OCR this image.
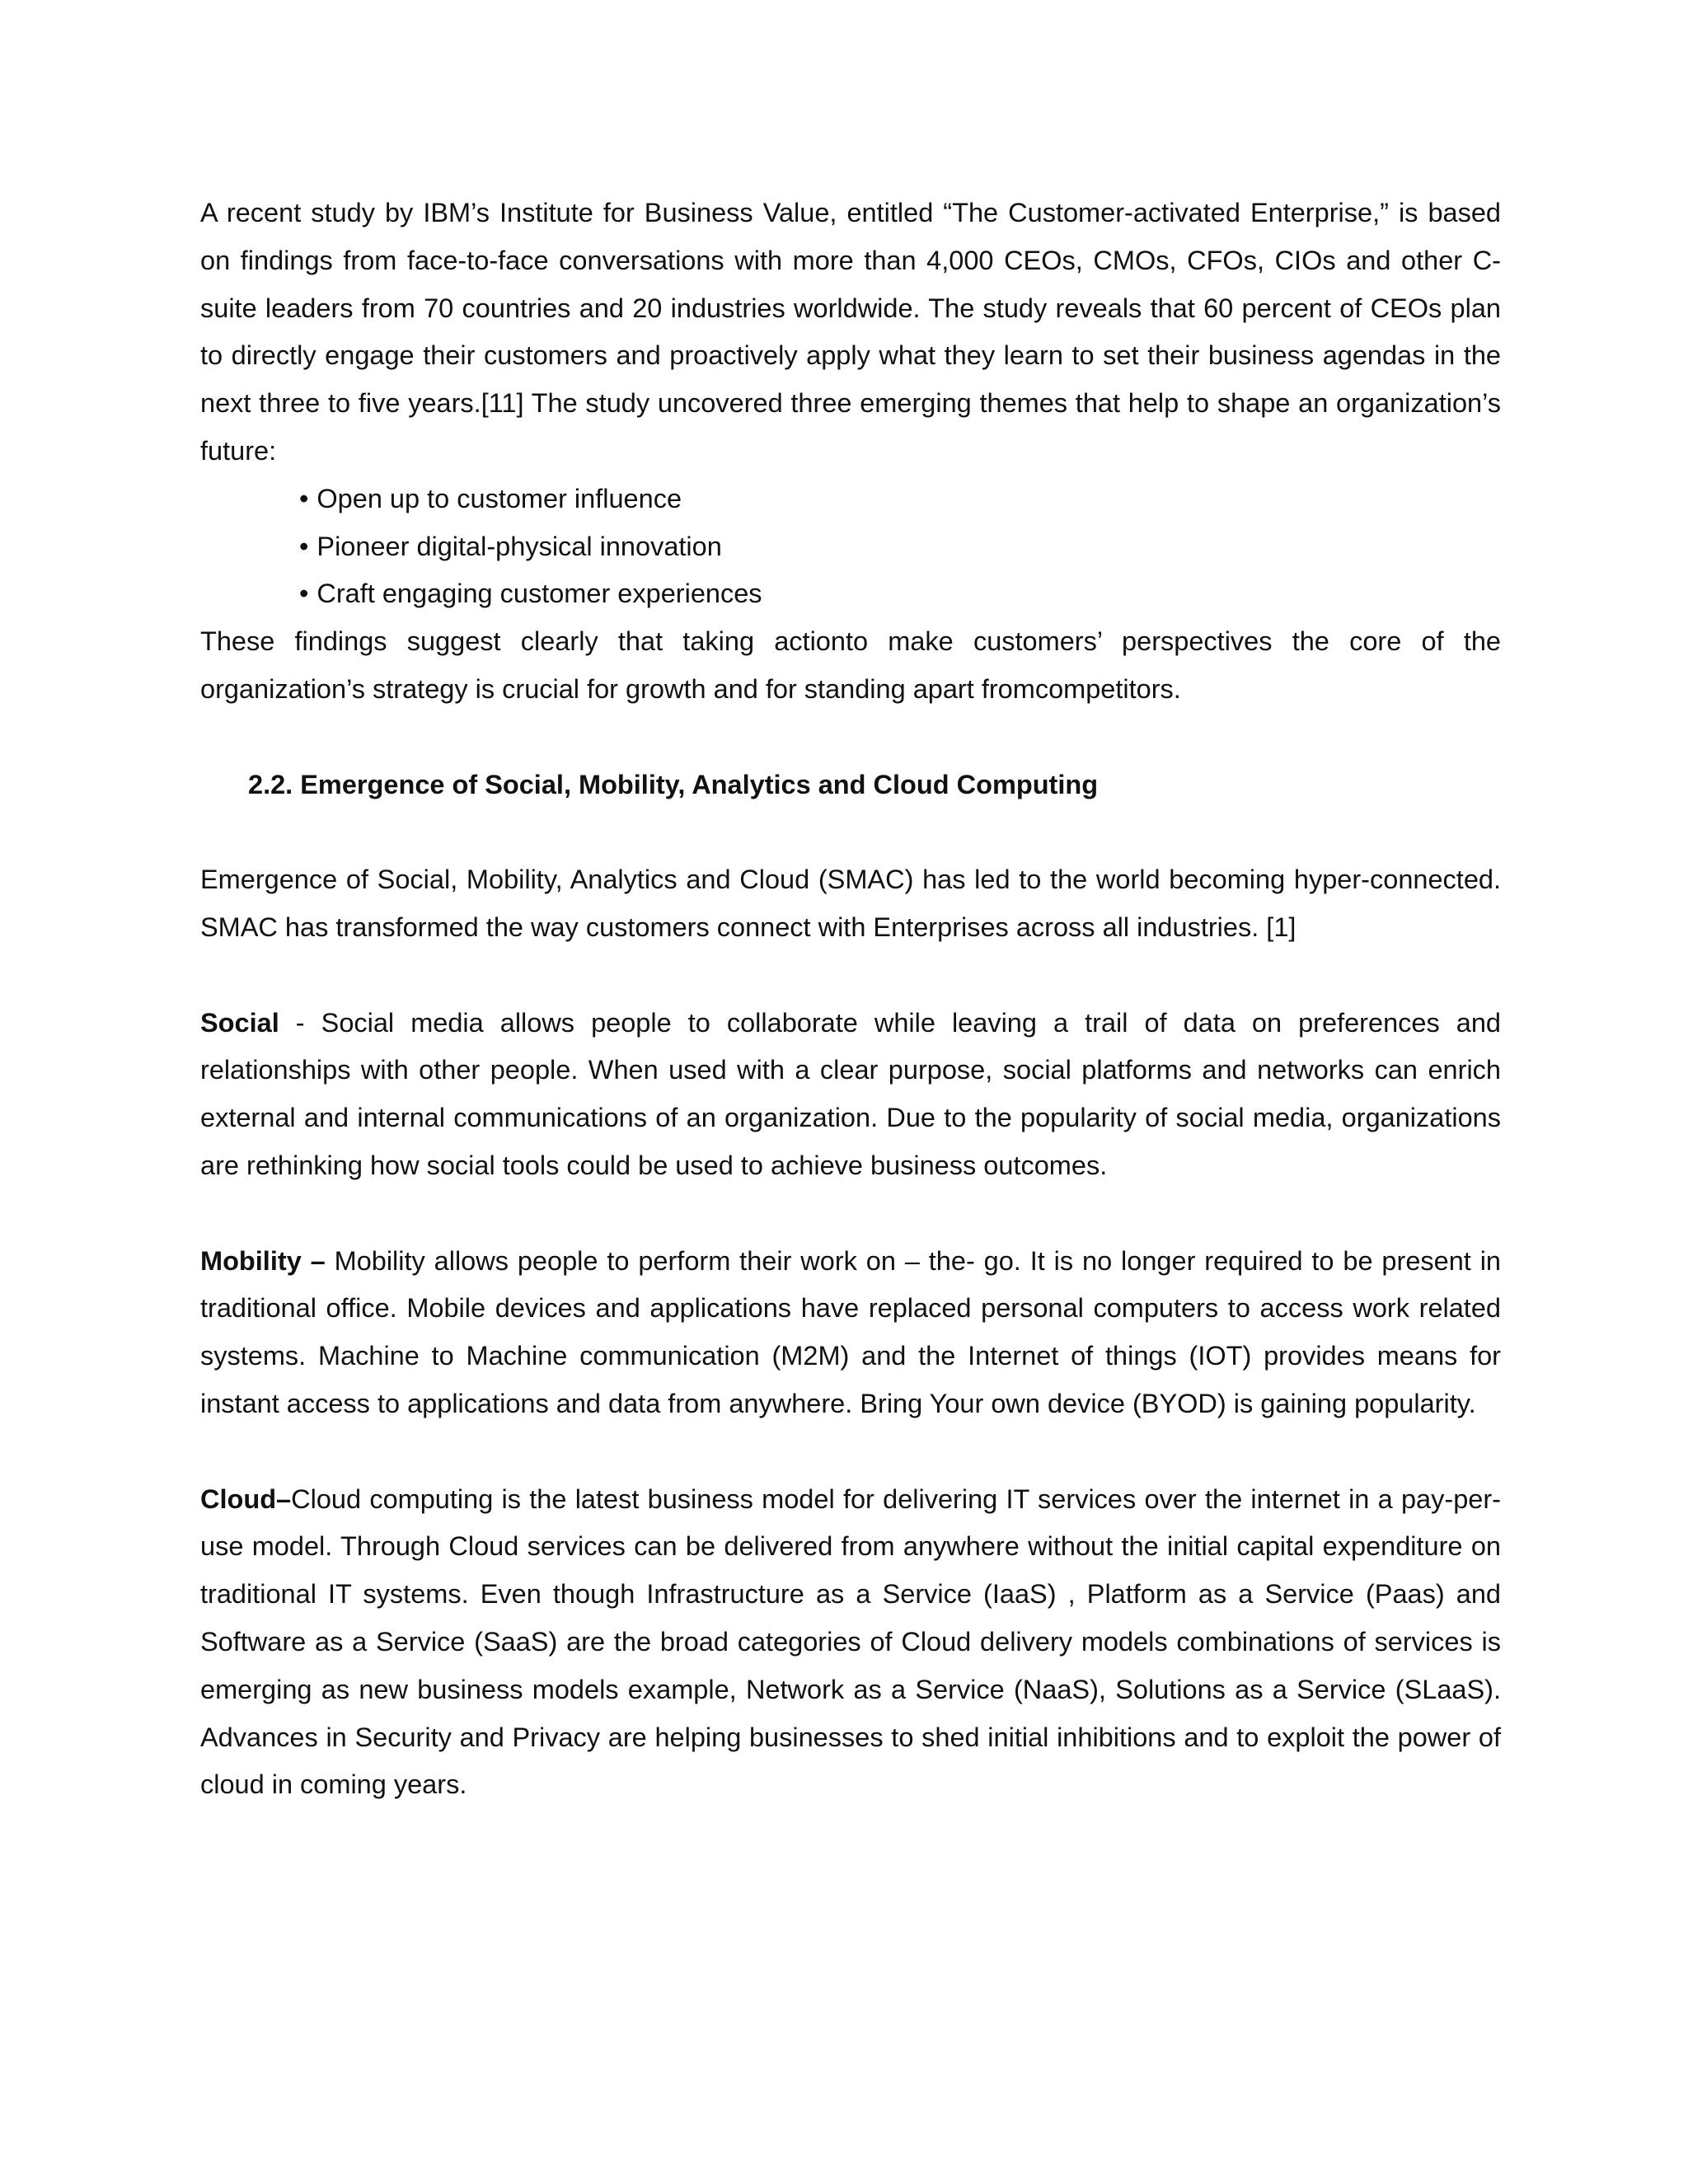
A recent study by IBM’s Institute for Business Value, entitled “The Customer-activated Enterprise,” is based on findings from face-to-face conversations with more than 4,000 CEOs, CMOs, CFOs, CIOs and other C-suite leaders from 70 countries and 20 industries worldwide. The study reveals that 60 percent of CEOs plan to directly engage their customers and proactively apply what they learn to set their business agendas in the next three to five years.[11] The study uncovered three emerging themes that help to shape an organization’s future:

• Open up to customer influence
• Pioneer digital-physical innovation
• Craft engaging customer experiences

These findings suggest clearly that taking actionto make customers’ perspectives the core of the organization’s strategy is crucial for growth and for standing apart fromcompetitors.

2.2. Emergence of Social, Mobility, Analytics and Cloud Computing

Emergence of Social, Mobility, Analytics and Cloud (SMAC) has led to the world becoming hyper-connected. SMAC has transformed the way customers connect with Enterprises across all industries. [1]

Social - Social media allows people to collaborate while leaving a trail of data on preferences and relationships with other people. When used with a clear purpose, social platforms and networks can enrich external and internal communications of an organization. Due to the popularity of social media, organizations are rethinking how social tools could be used to achieve business outcomes.

Mobility – Mobility allows people to perform their work on – the- go. It is no longer required to be present in traditional office. Mobile devices and applications have replaced personal computers to access work related systems. Machine to Machine communication (M2M) and the Internet of things (IOT) provides means for instant access to applications and data from anywhere. Bring Your own device (BYOD) is gaining popularity.

Cloud–Cloud computing is the latest business model for delivering IT services over the internet in a pay-per-use model. Through Cloud services can be delivered from anywhere without the initial capital expenditure on traditional IT systems. Even though Infrastructure as a Service (IaaS) , Platform as a Service (Paas) and Software as a Service (SaaS) are the broad categories of Cloud delivery models combinations of services is emerging as new business models example, Network as a Service (NaaS), Solutions as a Service (SLaaS). Advances in Security and Privacy are helping businesses to shed initial inhibitions and to exploit the power of cloud in coming years.
